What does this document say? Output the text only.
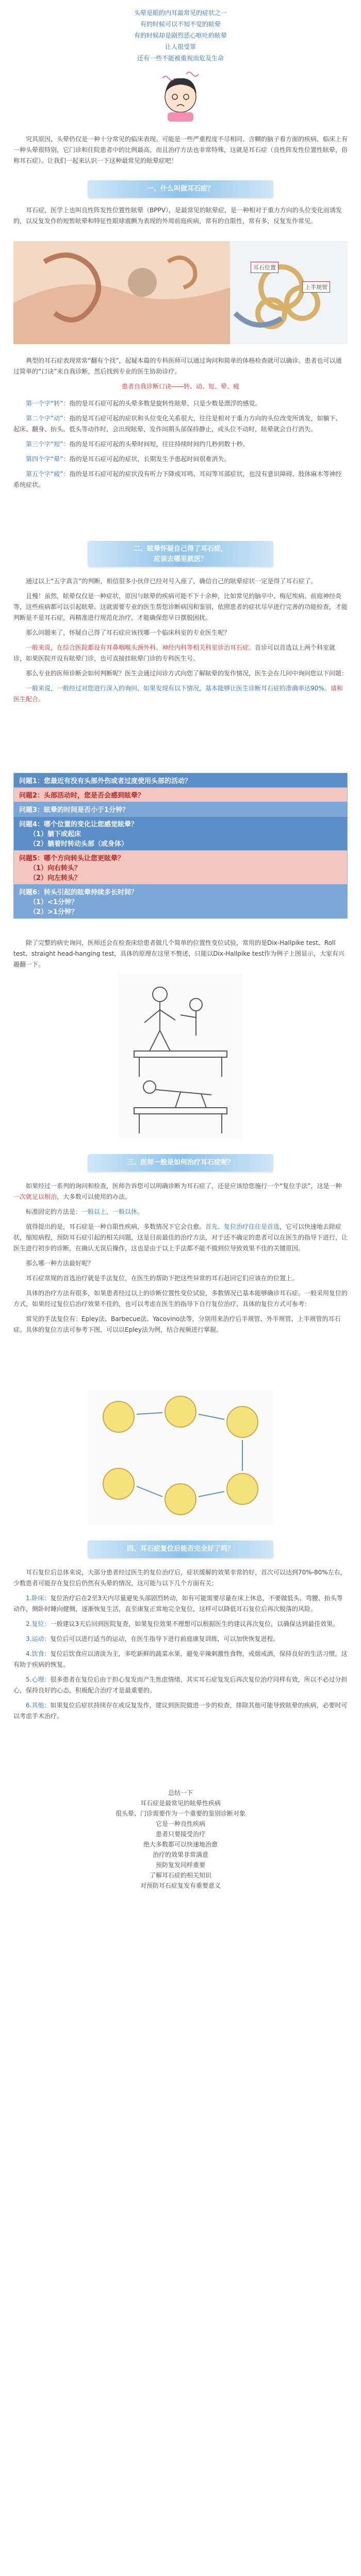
头晕是眼的内耳最常见的症状之一
有的时候可以不知不觉的眩晕
有的时候却是剧烈恶心呕吐的眩晕
让人很受罪
还有一些不能被重视而危及生命

究其原因，头晕仍仅是一种十分常见的临床表现。可能是一些严重程度不尽相同、含糊的脑子看方面的疾病，临床上有一种头晕很特别，它门诊和住院患者中的比例最高，而且治疗方法也非常特殊，这就是耳石症（良性阵发性位置性眩晕，俗称耳石症）。让我们一起来认识一下这种最常见的眩晕症吧！

一、什么叫做耳石症？

耳石症，医学上也叫良性阵发性位置性眩晕（BPPV），是最常见的眩晕症，是一种相对于重力方向的头位变化而诱发的，以反复发作的短暂眩晕和特征性眼球震颤为表现的外周前庭疾病，常有的自限性，常有多，反复发作常见。

耳石位置
上半规管

典型的耳石症表现常常“翻有个找”，起疑本篇的专科医师可以通过询问和简单的体格检查就可以确诊。患者也可以通过简单的“口诀”来自我诊断，然后找到专业的医生协助诊疗。

患者自我诊断口诀——转、动、短、晕、疲

第一个字“转”：指的是耳石症可起的头晕多数是旋转性眩晕，只是少数是漂浮的感觉。

第二个字“动”：指的是耳石症可起的症状和头位变化关系很大，往往是相对于重力方向的头位改变所诱发，如躺下、起床、翻身、抬头、低头等动作时，会出现眩晕，发作间期头部保持静止，或头位不动时，眩晕就会自行消失。

第三个字“短”：指的是耳石症可起的头晕时间短，往往持续时间约几秒到数十秒。

第四个字“晕”：指的是耳石症可起的症状，长期发生予患起时间很难消失。

第五个字“疲”：指的是耳石症可起的症状没有听力下降或耳鸣、耳闷等耳部症状，也没有意识障碍、肢体麻木等神经系统症状。

二、眩晕怀疑自己得了耳石症，
应该去哪里就医？

通过以上“五字真言”的判断，相信很多小伙伴已经对号入座了，确信自己的眩晕症状一定是得了耳石症了。

且慢！虽然，眩晕仅仅是一种症状，原因与眩晕的疾病可能不下十余种，比如常见的脑卒中、梅尼埃病、前庭神经炎等，这些疾病都可以引起眩晕。这就需要专业的医生帮您诊断病因和鉴别，依照患者的症状尽早进行完善的功能检查，才能判断是不是耳石症，再精准进行规范化治疗，才能确保您早日摆脱困扰。

那么问题来了，怀疑自己得了耳石症应该找哪一个临床科室的专业医生呢？

一般来说，在综合医院都设有耳鼻咽喉头颈外科、神经内科等相关科室诊治耳石症。首诊可以首选以上两个科室就诊，如果医院开设有眩晕门诊，也可直接挂眩晕门诊的专科医生号。

那么专业的医师诊断会如何判断呢？医生会通过问诊方式向您了解眩晕的发作情况，医生会在几问中询问您以下问题：

一般来说，一般经过对您进行深入的询问，如果发现有以下情况，基本能够让医生诊断耳石症的准确率达90%。请和医生配合。

问题1：您最近有没有头部外伤或者过度使用头部的活动？
问题2：头部活动时，您是否会感到眩晕？
问题3：眩晕的时间是否小于1分钟？

问题4：哪个位置的变化让您感觉眩晕？
（1）躺下或起床
（2）躺着时转动头部（或身体）

问题5：哪个方向转头让您更眩晕？
（1）向右转头？
（2）向左转头？

问题6：转头引起的眩晕持续多长时间？
（1）<1分钟？
（2）>1分钟？

除了完整的病史询问，医师还会在检查床给患者做几个简单的位置性变位试验，常用的是Dix-Hallpike test、Roll test、straight head-hanging test，具体的原理在这里不赘述，只能以Dix-Hallpike test作为例子上图显示，大家有兴趣翻一下。

三、医师一般是如何治疗耳石症呢？

如果经过一系列的询问和检查，医师告诉您可以明确诊断为耳石症了，还是应该给您施行一个“复位手法”，这是一种一次就足以根治，大多数可以使用的办法。

标准固定的方法是：一般以上，一般以休。

值得提出的是，耳石症是一种自限性疾病，多数情况下它会自愈。首先、复位治疗往往是首选，它可以快速地去除症状，缩短病程，预防耳石症引起的相关问题，这是目前最佳的治疗方法，对于还不确定的患者可以在医生的指导下进行，让医生进行初步的诊断，在确认无误后操作，这也是由于以上手法都不能不做到位导致效果不佳的关键原因。

那么哪一种方法最好呢？

耳石症常规的首选治疗就是手法复位，在医生的帮助下把这些异常的耳石赶回它们应该在的位置上。

具体的治疗方法有很多，如果患者经过以上的诊断位置性变位试验，多数情况已基本能够确诊耳石症。一般采用复位的方式，如果经过复位后治疗效果不佳的，也可以考虑在医生的指导下自行复位治疗，具体的复位方式可参考：

常见的手法复位有：Epley法、Barbecue法、Yacovino法等，分别用来治疗后半规管、外半规管、上半规管的耳石症。具体的复位方法可参考下图，可以以Epley法为例，结合视频进行掌握。

四、耳石症复位后能否完全好了吗？

耳石复位后总体来说，大部分患者经过医生的复位治疗后，症状缓解的效果非常的好，首次可以达到70%-80%左右，少数患者可能存在复位后仍然有头晕的情况，这可能与以下几个方面有关：

1.卧床：复位治疗后在2至3天内尽量避免头部剧烈转动，如有可能需要尽量在床上休息，不要做低头、弯腰、抬头等动作，侧卧时睡向健侧，逐渐恢复生活，直至康复正常地完全复位，这样可以降低耳石复位后再次脱落的风险。

2.复位：一般建议3天后回到医院复查，如果复位效果不理想可以根据医生的建议再次复位，以确保达到最佳效果。

3.运动：复位后可以进行适当的运动，在医生指导下进行前庭康复训练，可以加快恢复进程。

4.饮食：复位后饮食应以清淡为主，多吃新鲜的蔬菜水果，避免辛辣刺激性食物，戒烟戒酒，保持良好的生活习惯，这有助于疾病的恢复。

5.心理：很多患者在复位后由于担心复发而产生焦虑情绪，其实耳石症复发后再次复位治疗同样有效，所以不必过分担心，保持良好的心态，积极配合治疗才是最重要的。

6.其他：如果复位后症状持续存在或反复发作，建议到医院做进一步的检查，排除其他可能导致眩晕的疾病，必要时可以考虑手术治疗。

总结一下
耳石症是最常见的眩晕性疾病
很头晕、门诊需要作为一个重要的鉴别诊断对象
它是一种良性疾病
患者只要接受治疗
绝大多数都可以快速地治愈
治疗的效果非常满意
预防复发同样重要
了解耳石症的相关知识
对预防耳石症复发有重要意义
